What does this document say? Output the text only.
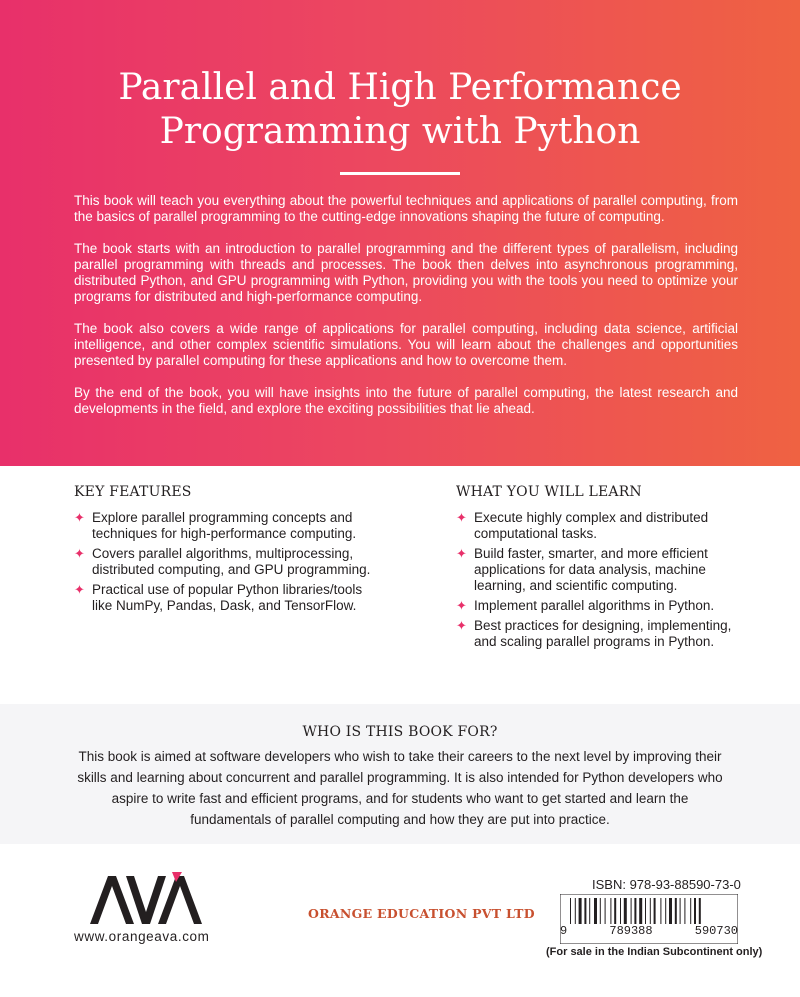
Parallel and High Performance
Programming with Python

This book will teach you everything about the powerful techniques and applications of parallel computing, from the basics of parallel programming to the cutting-edge innovations shaping the future of computing.

The book starts with an introduction to parallel programming and the different types of parallelism, including parallel programming with threads and processes. The book then delves into asynchronous programming, distributed Python, and GPU programming with Python, providing you with the tools you need to optimize your programs for distributed and high-performance computing.

The book also covers a wide range of applications for parallel computing, including data science, artificial intelligence, and other complex scientific simulations. You will learn about the challenges and opportunities presented by parallel computing for these applications and how to overcome them.

By the end of the book, you will have insights into the future of parallel computing, the latest research and developments in the field, and explore the exciting possibilities that lie ahead.

KEY FEATURES
✦ Explore parallel programming concepts and techniques for high-performance computing.
✦ Covers parallel algorithms, multiprocessing, distributed computing, and GPU programming.
✦ Practical use of popular Python libraries/tools like NumPy, Pandas, Dask, and TensorFlow.
WHAT YOU WILL LEARN
✦ Execute highly complex and distributed computational tasks.
✦ Build faster, smarter, and more efficient applications for data analysis, machine learning, and scientific computing.
✦ Implement parallel algorithms in Python.
✦ Best practices for designing, implementing, and scaling parallel programs in Python.
WHO IS THIS BOOK FOR?

This book is aimed at software developers who wish to take their careers to the next level by improving their skills and learning about concurrent and parallel programming. It is also intended for Python developers who aspire to write fast and efficient programs, and for students who want to get started and learn the fundamentals of parallel computing and how they are put into practice.

www.orangeava.com
ORANGE EDUCATION PVT LTD
ISBN: 978-93-88590-73-0
9	789388	590730
(For sale in the Indian Subcontinent only)
